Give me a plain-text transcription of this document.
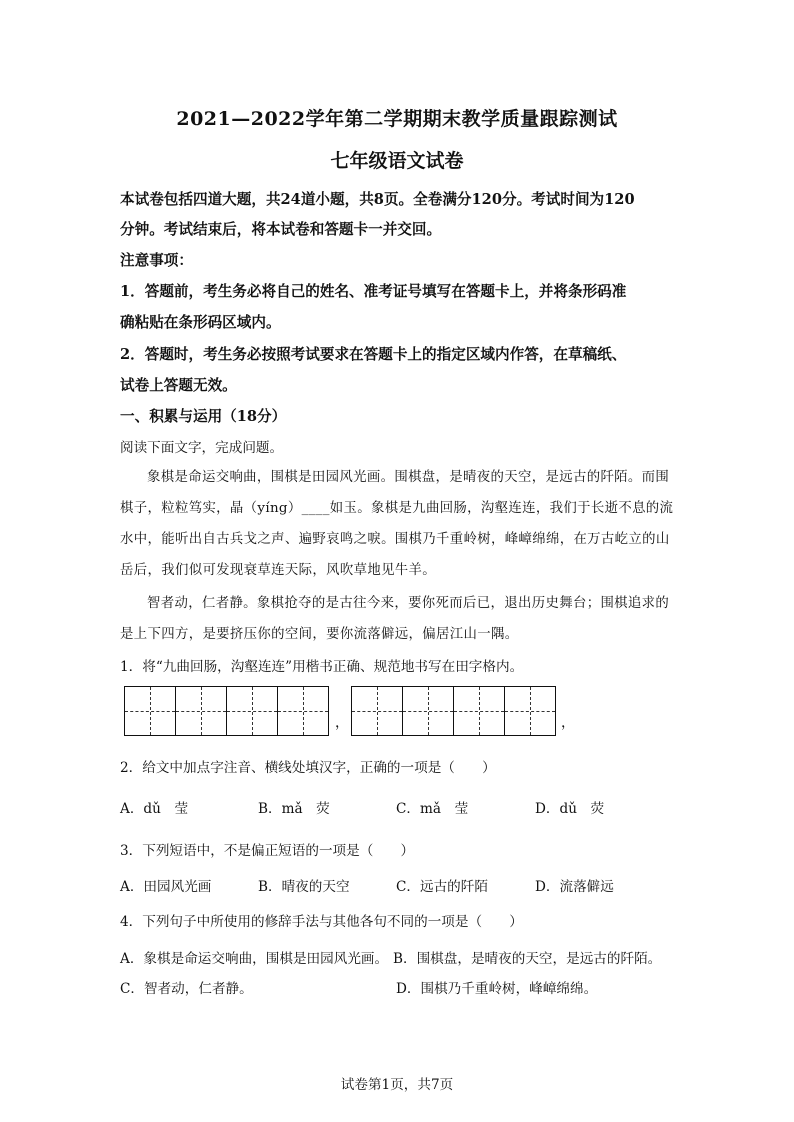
2021—2022学年第二学期期末教学质量跟踪测试
七年级语文试卷
本试卷包括四道大题，共24道小题，共8页。全卷满分120分。考试时间为120
分钟。考试结束后，将本试卷和答题卡一并交回。
注意事项：
1．答题前，考生务必将自己的姓名、准考证号填写在答题卡上，并将条形码准
确粘贴在条形码区域内。
2．答题时，考生务必按照考试要求在答题卡上的指定区域内作答，在草稿纸、
试卷上答题无效。
一、积累与运用（18分）
阅读下面文字，完成问题。
象棋是命运交响曲，围棋是田园风光画。围棋盘，是晴夜的天空，是远古的阡陌。而围
棋子，粒粒笃实，晶（yíng）____如玉。象棋是九曲回肠，沟壑连连，我们于长逝不息的流
水中，能听出自古兵戈之声、遍野哀鸣之唳。围棋乃千重岭树，峰嶂绵绵，在万古屹立的山
岳后，我们似可发现衰草连天际，风吹草地见牛羊。
智者动，仁者静。象棋抢夺的是古往今来，要你死而后已，退出历史舞台；围棋追求的
是上下四方，是要挤压你的空间，要你流落僻远，偏居江山一隅。
1．将“九曲回肠，沟壑连连”用楷书正确、规范地书写在田字格内。
，	，
2．给文中加点字注音、横线处填汉字，正确的一项是（　　）
A．dǔ　莹	B．mǎ　荧	C．mǎ　莹	D．dǔ　荧
3．下列短语中，不是偏正短语的一项是（　　）
A．田园风光画	B．晴夜的天空	C．远古的阡陌	D．流落僻远
4．下列句子中所使用的修辞手法与其他各句不同的一项是（　　）
A．象棋是命运交响曲，围棋是田园风光画。 B．围棋盘，是晴夜的天空，是远古的阡陌。
C．智者动，仁者静。	D．围棋乃千重岭树，峰嶂绵绵。
试卷第1页，共7页
